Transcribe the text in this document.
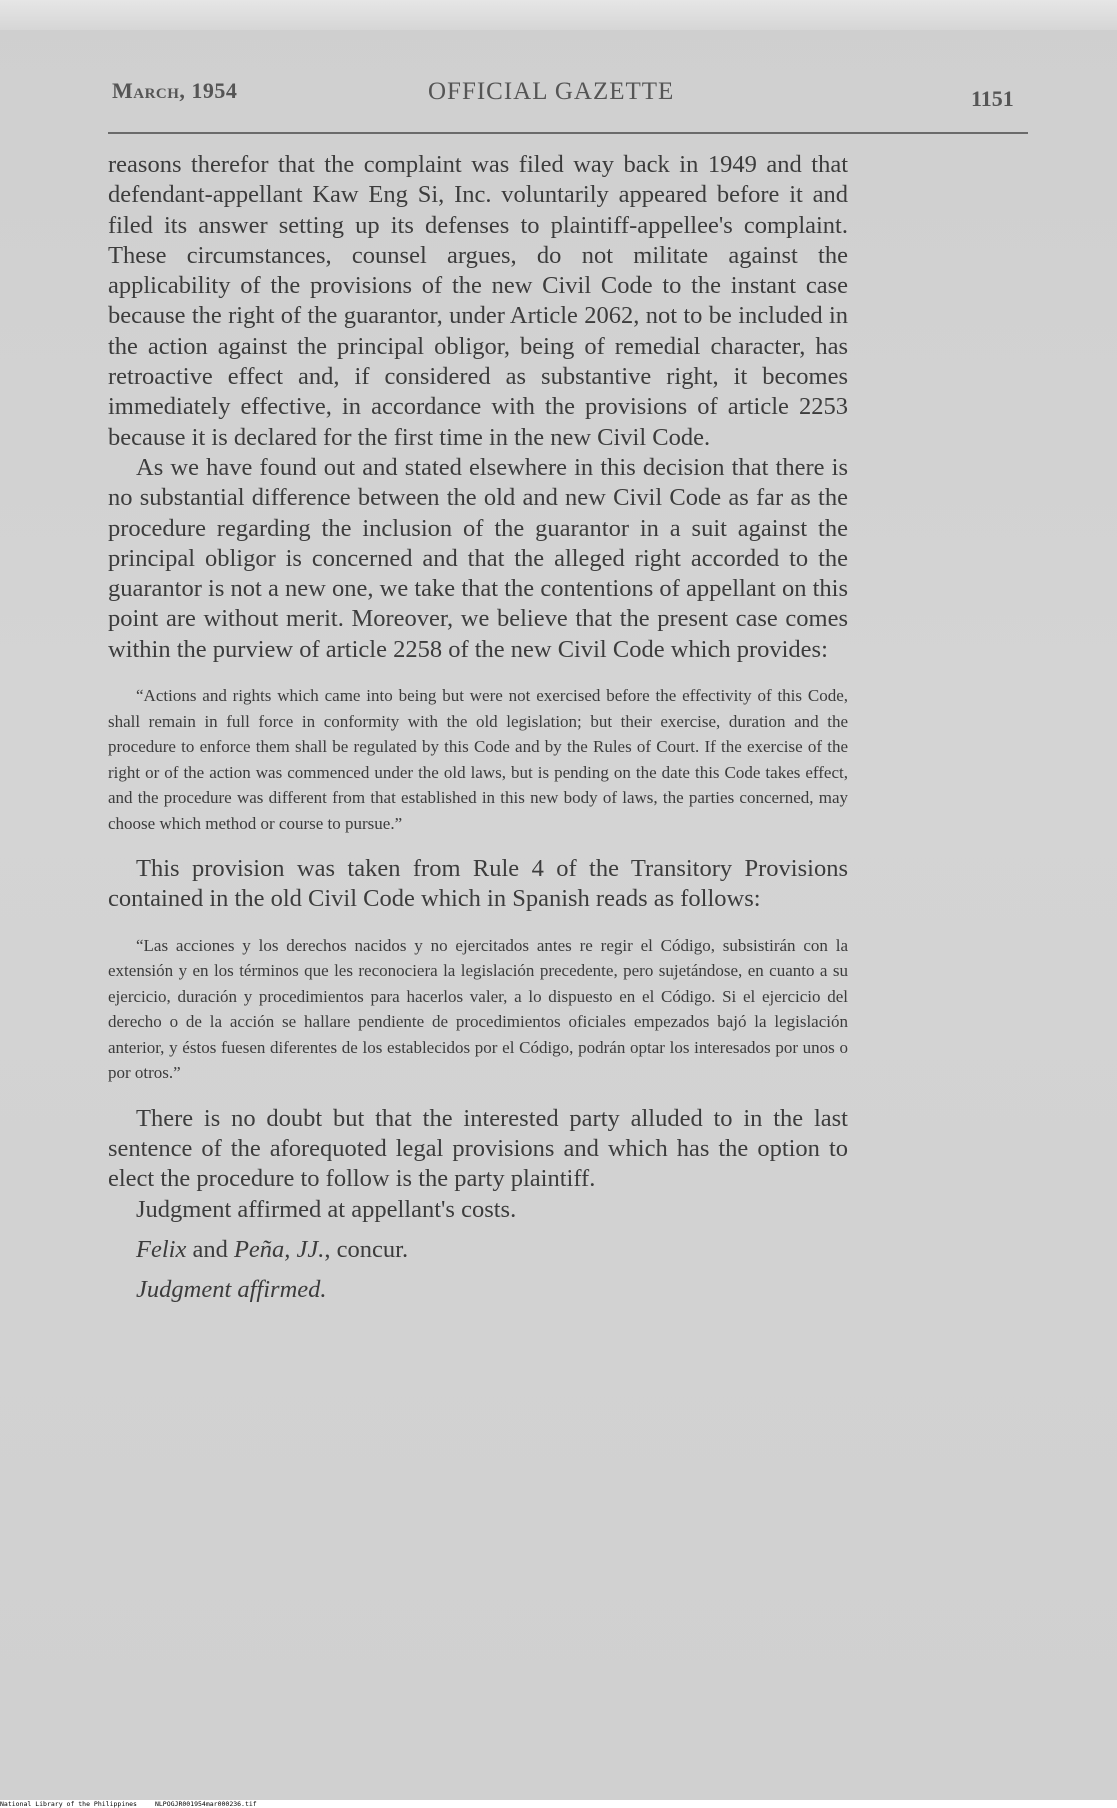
March, 1954	OFFICIAL GAZETTE	1151

reasons therefor that the complaint was filed way back in 1949 and that defendant-appellant Kaw Eng Si, Inc. voluntarily appeared before it and filed its answer setting up its defenses to plaintiff-appellee's complaint. These circumstances, counsel argues, do not militate against the applicability of the provisions of the new Civil Code to the instant case because the right of the guarantor, under Article 2062, not to be included in the action against the principal obligor, being of remedial character, has retroactive effect and, if considered as substantive right, it becomes immediately effective, in accordance with the provisions of article 2253 because it is declared for the first time in the new Civil Code.

As we have found out and stated elsewhere in this decision that there is no substantial difference between the old and new Civil Code as far as the procedure regarding the inclusion of the guarantor in a suit against the principal obligor is concerned and that the alleged right accorded to the guarantor is not a new one, we take that the contentions of appellant on this point are without merit. Moreover, we believe that the present case comes within the purview of article 2258 of the new Civil Code which provides:

“Actions and rights which came into being but were not exercised before the effectivity of this Code, shall remain in full force in conformity with the old legislation; but their exercise, duration and the procedure to enforce them shall be regulated by this Code and by the Rules of Court. If the exercise of the right or of the action was commenced under the old laws, but is pending on the date this Code takes effect, and the procedure was different from that established in this new body of laws, the parties concerned, may choose which method or course to pursue.”

This provision was taken from Rule 4 of the Transitory Provisions contained in the old Civil Code which in Spanish reads as follows:

“Las acciones y los derechos nacidos y no ejercitados antes re regir el Código, subsistirán con la extensión y en los términos que les reconociera la legislación precedente, pero sujetándose, en cuanto a su ejercicio, duración y procedimientos para hacerlos valer, a lo dispuesto en el Código. Si el ejercicio del derecho o de la acción se hallare pendiente de procedimientos oficiales empezados bajó la legislación anterior, y éstos fuesen diferentes de los establecidos por el Código, podrán optar los interesados por unos o por otros.”

There is no doubt but that the interested party alluded to in the last sentence of the aforequoted legal provisions and which has the option to elect the procedure to follow is the party plaintiff.

Judgment affirmed at appellant's costs.

Felix and Peña, JJ., concur.

Judgment affirmed.

National Library of the Philippines	NLPOGJR001954mar000236.tif
